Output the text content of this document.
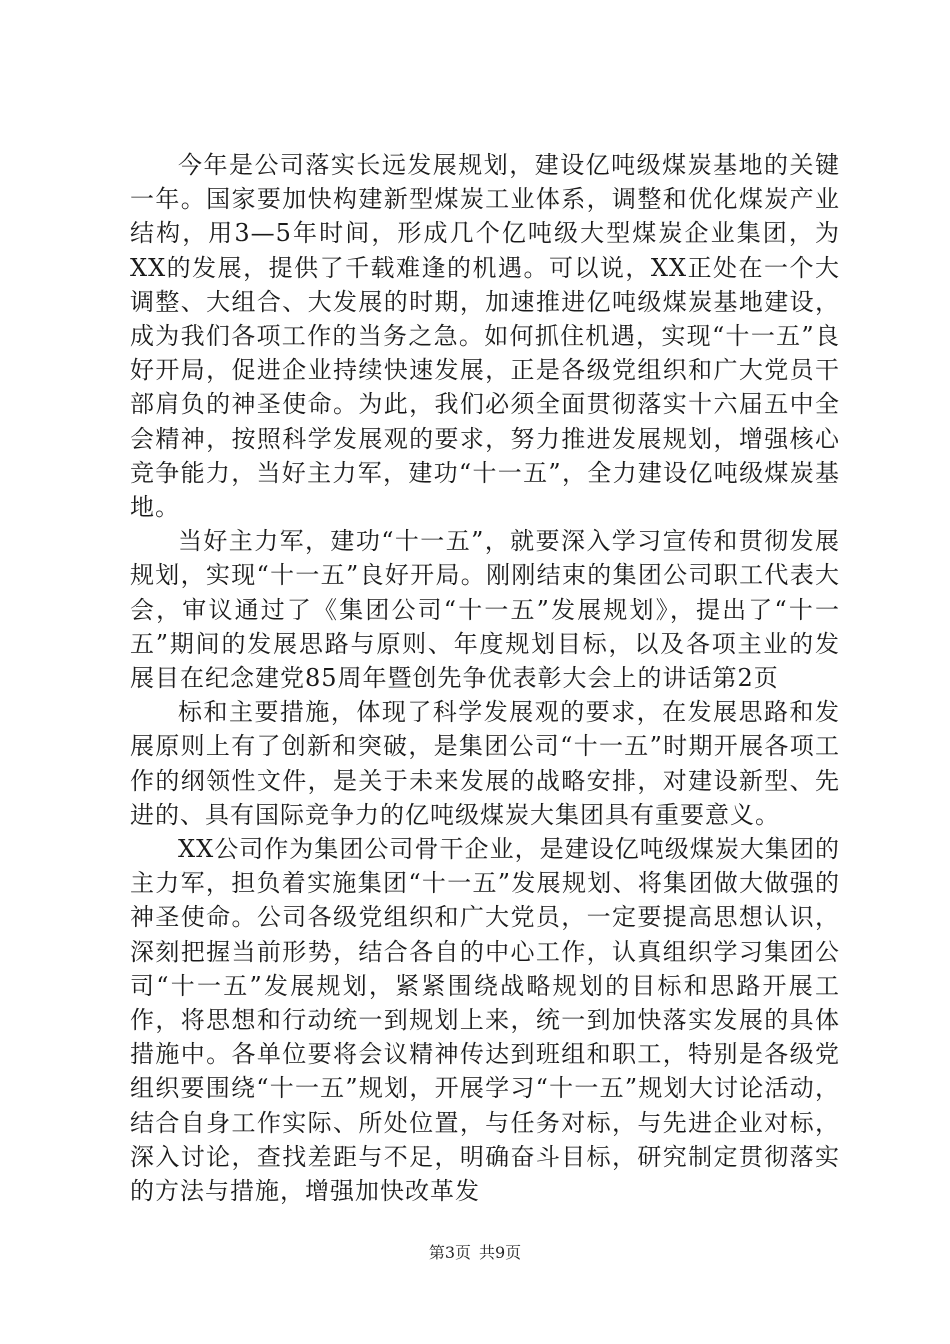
今年是公司落实长远发展规划，建设亿吨级煤炭基地的关键一年。国家要加快构建新型煤炭工业体系，调整和优化煤炭产业结构，用3—5年时间，形成几个亿吨级大型煤炭企业集团，为XX的发展，提供了千载难逢的机遇。可以说，XX正处在一个大调整、大组合、大发展的时期，加速推进亿吨级煤炭基地建设，成为我们各项工作的当务之急。如何抓住机遇，实现“十一五”良好开局，促进企业持续快速发展，正是各级党组织和广大党员干部肩负的神圣使命。为此，我们必须全面贯彻落实十六届五中全会精神，按照科学发展观的要求，努力推进发展规划，增强核心竞争能力，当好主力军，建功“十一五”，全力建设亿吨级煤炭基地。

当好主力军，建功“十一五”，就要深入学习宣传和贯彻发展规划，实现“十一五”良好开局。刚刚结束的集团公司职工代表大会，审议通过了《集团公司“十一五”发展规划》，提出了“十一五”期间的发展思路与原则、年度规划目标，以及各项主业的发展目在纪念建党85周年暨创先争优表彰大会上的讲话第2页

标和主要措施，体现了科学发展观的要求，在发展思路和发展原则上有了创新和突破，是集团公司“十一五”时期开展各项工作的纲领性文件，是关于未来发展的战略安排，对建设新型、先进的、具有国际竞争力的亿吨级煤炭大集团具有重要意义。

XX公司作为集团公司骨干企业，是建设亿吨级煤炭大集团的主力军，担负着实施集团“十一五”发展规划、将集团做大做强的神圣使命。公司各级党组织和广大党员，一定要提高思想认识，深刻把握当前形势，结合各自的中心工作，认真组织学习集团公司“十一五”发展规划，紧紧围绕战略规划的目标和思路开展工作，将思想和行动统一到规划上来，统一到加快落实发展的具体措施中。各单位要将会议精神传达到班组和职工，特别是各级党组织要围绕“十一五”规划，开展学习“十一五”规划大讨论活动，结合自身工作实际、所处位置，与任务对标，与先进企业对标，深入讨论，查找差距与不足，明确奋斗目标，研究制定贯彻落实的方法与措施，增强加快改革发

第3页 共9页
